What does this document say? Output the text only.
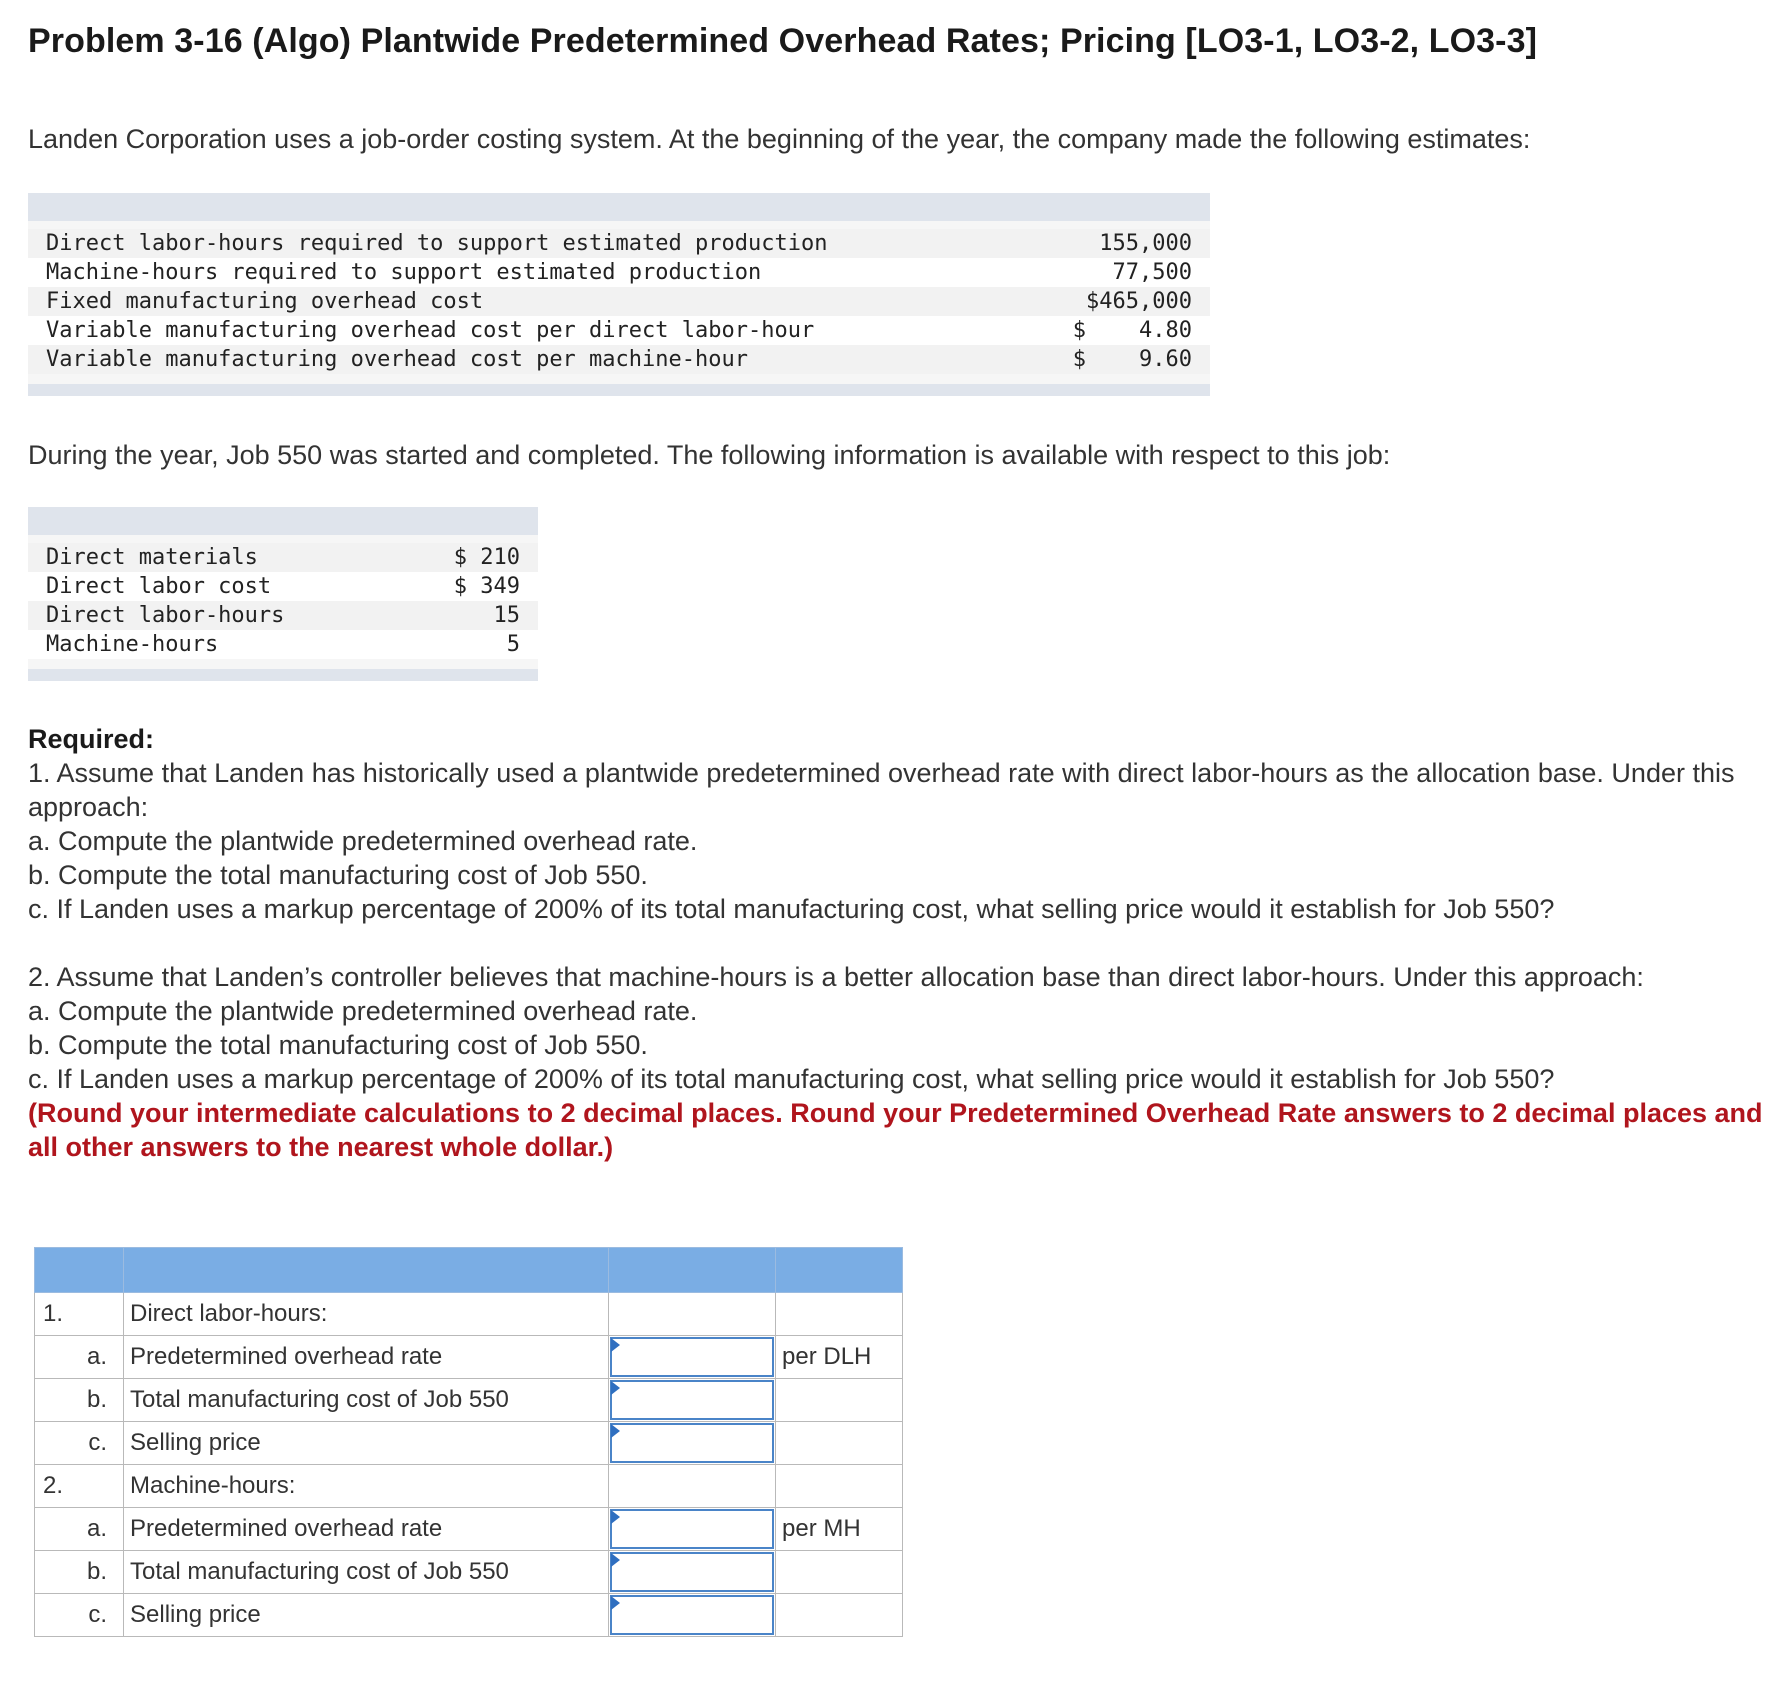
Problem 3-16 (Algo) Plantwide Predetermined Overhead Rates; Pricing [LO3-1, LO3-2, LO3-3]

Landen Corporation uses a job-order costing system. At the beginning of the year, the company made the following estimates:

Direct labor-hours required to support estimated production	155,000
Machine-hours required to support estimated production	77,500
Fixed manufacturing overhead cost	$465,000
Variable manufacturing overhead cost per direct labor-hour	$    4.80
Variable manufacturing overhead cost per machine-hour	$    9.60

During the year, Job 550 was started and completed. The following information is available with respect to this job:

Direct materials	$ 210
Direct labor cost	$ 349
Direct labor-hours	15
Machine-hours	5

Required:

1. Assume that Landen has historically used a plantwide predetermined overhead rate with direct labor-hours as the allocation base. Under this approach:

a. Compute the plantwide predetermined overhead rate.

b. Compute the total manufacturing cost of Job 550.

c. If Landen uses a markup percentage of 200% of its total manufacturing cost, what selling price would it establish for Job 550?

2. Assume that Landen’s controller believes that machine-hours is a better allocation base than direct labor-hours. Under this approach:

a. Compute the plantwide predetermined overhead rate.

b. Compute the total manufacturing cost of Job 550.

c. If Landen uses a markup percentage of 200% of its total manufacturing cost, what selling price would it establish for Job 550?

(Round your intermediate calculations to 2 decimal places. Round your Predetermined Overhead Rate answers to 2 decimal places and all other answers to the nearest whole dollar.)

1.	Direct labor-hours:		
a.	Predetermined overhead rate		per DLH
b.	Total manufacturing cost of Job 550	

c.	Selling price	

2.	Machine-hours:		
a.	Predetermined overhead rate		per MH
b.	Total manufacturing cost of Job 550	

c.	Selling price	
